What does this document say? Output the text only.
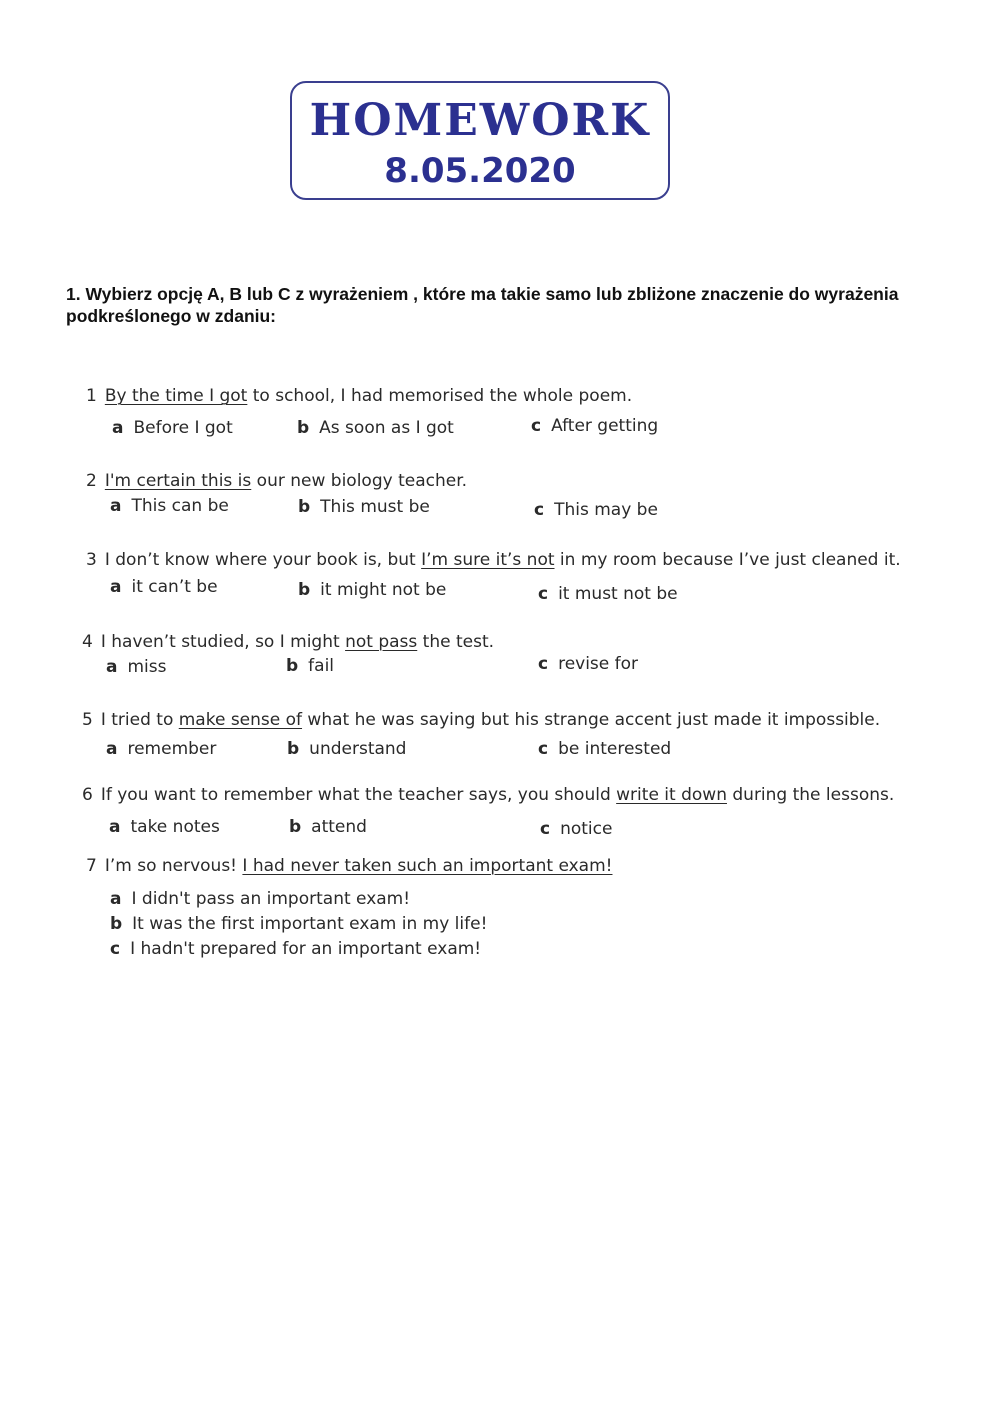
HOMEWORK
8.05.2020
1. Wybierz opcję A, B lub C z wyrażeniem , które ma takie samo lub zbliżone znaczenie do wyrażenia podkreślonego w zdaniu:
1 By the time I got to school, I had memorised the whole poem.
a Before I got	b As soon as I got	c After getting
2 I'm certain this is our new biology teacher.
a This can be	b This must be	c This may be
3 I don’t know where your book is, but I’m sure it’s not in my room because I’ve just cleaned it.
a it can’t be	b it might not be	c it must not be
4 I haven’t studied, so I might not pass the test.
a miss	b fail	c revise for
5 I tried to make sense of what he was saying but his strange accent just made it impossible.
a remember	b understand	c be interested
6 If you want to remember what the teacher says, you should write it down during the lessons.
a take notes	b attend	c notice
7 I’m so nervous! I had never taken such an important exam!
a I didn't pass an important exam!
b It was the first important exam in my life!
c I hadn't prepared for an important exam!
